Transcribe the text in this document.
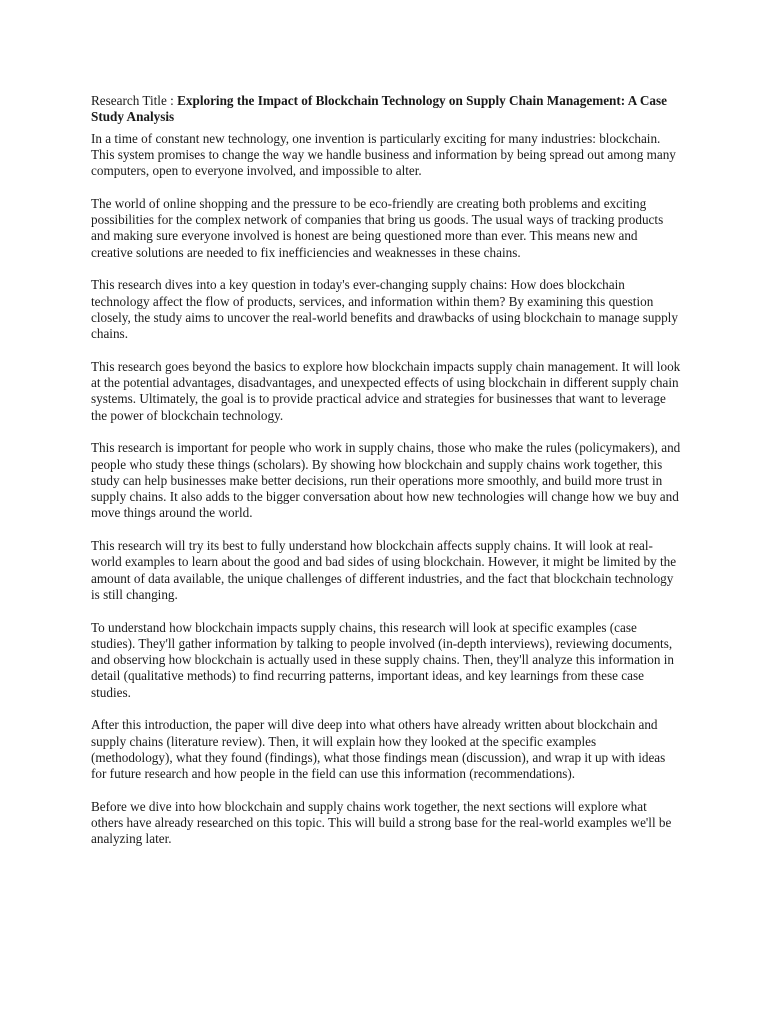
Research Title : Exploring the Impact of Blockchain Technology on Supply Chain Management: A Case Study Analysis

In a time of constant new technology, one invention is particularly exciting for many industries: blockchain. This system promises to change the way we handle business and information by being spread out among many computers, open to everyone involved, and impossible to alter.

The world of online shopping and the pressure to be eco-friendly are creating both problems and exciting possibilities for the complex network of companies that bring us goods. The usual ways of tracking products and making sure everyone involved is honest are being questioned more than ever. This means new and creative solutions are needed to fix inefficiencies and weaknesses in these chains.

This research dives into a key question in today's ever-changing supply chains: How does blockchain technology affect the flow of products, services, and information within them? By examining this question closely, the study aims to uncover the real-world benefits and drawbacks of using blockchain to manage supply chains.

This research goes beyond the basics to explore how blockchain impacts supply chain management. It will look at the potential advantages, disadvantages, and unexpected effects of using blockchain in different supply chain systems. Ultimately, the goal is to provide practical advice and strategies for businesses that want to leverage the power of blockchain technology.

This research is important for people who work in supply chains, those who make the rules (policymakers), and people who study these things (scholars). By showing how blockchain and supply chains work together, this study can help businesses make better decisions, run their operations more smoothly, and build more trust in supply chains. It also adds to the bigger conversation about how new technologies will change how we buy and move things around the world.

This research will try its best to fully understand how blockchain affects supply chains. It will look at real-world examples to learn about the good and bad sides of using blockchain. However, it might be limited by the amount of data available, the unique challenges of different industries, and the fact that blockchain technology is still changing.

To understand how blockchain impacts supply chains, this research will look at specific examples (case studies). They'll gather information by talking to people involved (in-depth interviews), reviewing documents, and observing how blockchain is actually used in these supply chains. Then, they'll analyze this information in detail (qualitative methods) to find recurring patterns, important ideas, and key learnings from these case studies.

After this introduction, the paper will dive deep into what others have already written about blockchain and supply chains (literature review). Then, it will explain how they looked at the specific examples (methodology), what they found (findings), what those findings mean (discussion), and wrap it up with ideas for future research and how people in the field can use this information (recommendations).

Before we dive into how blockchain and supply chains work together, the next sections will explore what others have already researched on this topic. This will build a strong base for the real-world examples we'll be analyzing later.
